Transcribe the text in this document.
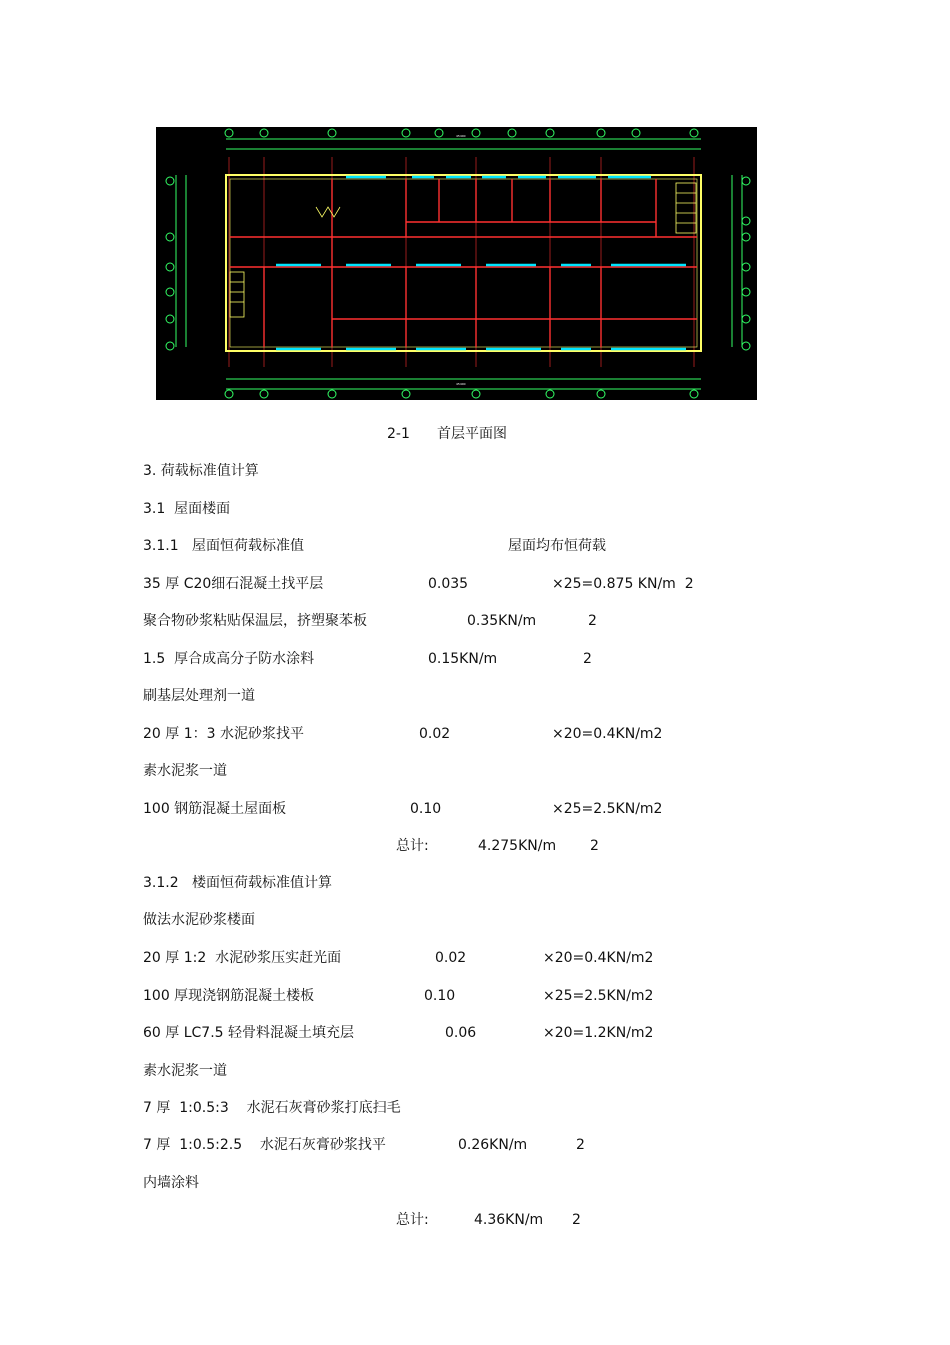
45400
45400
2-1 首层平面图
3. 荷载标准值计算
3.1  屋面楼面
3.1.1   屋面恒荷载标准值	屋面均布恒荷载
35 厚 C20细石混凝土找平层	0.035	×25=0.875 KN/m  2
聚合物砂浆粘贴保温层，挤塑聚苯板	0.35KN/m	2
1.5  厚合成高分子防水涂料	0.15KN/m	2
刷基层处理剂一道
20 厚 1：3 水泥砂浆找平	0.02	×20=0.4KN/m2
素水泥浆一道
100 钢筋混凝土屋面板	0.10	×25=2.5KN/m2
总计:	4.275KN/m 2
3.1.2   楼面恒荷载标准值计算
做法水泥砂浆楼面
20 厚 1:2  水泥砂浆压实赶光面	0.02	×20=0.4KN/m2
100 厚现浇钢筋混凝土楼板	0.10	×25=2.5KN/m2
60 厚 LC7.5 轻骨料混凝土填充层	0.06	×20=1.2KN/m2
素水泥浆一道
7 厚  1:0.5:3    水泥石灰膏砂浆打底扫毛
7 厚  1:0.5:2.5    水泥石灰膏砂浆找平	0.26KN/m	2
内墙涂料
总计:	4.36KN/m 2
